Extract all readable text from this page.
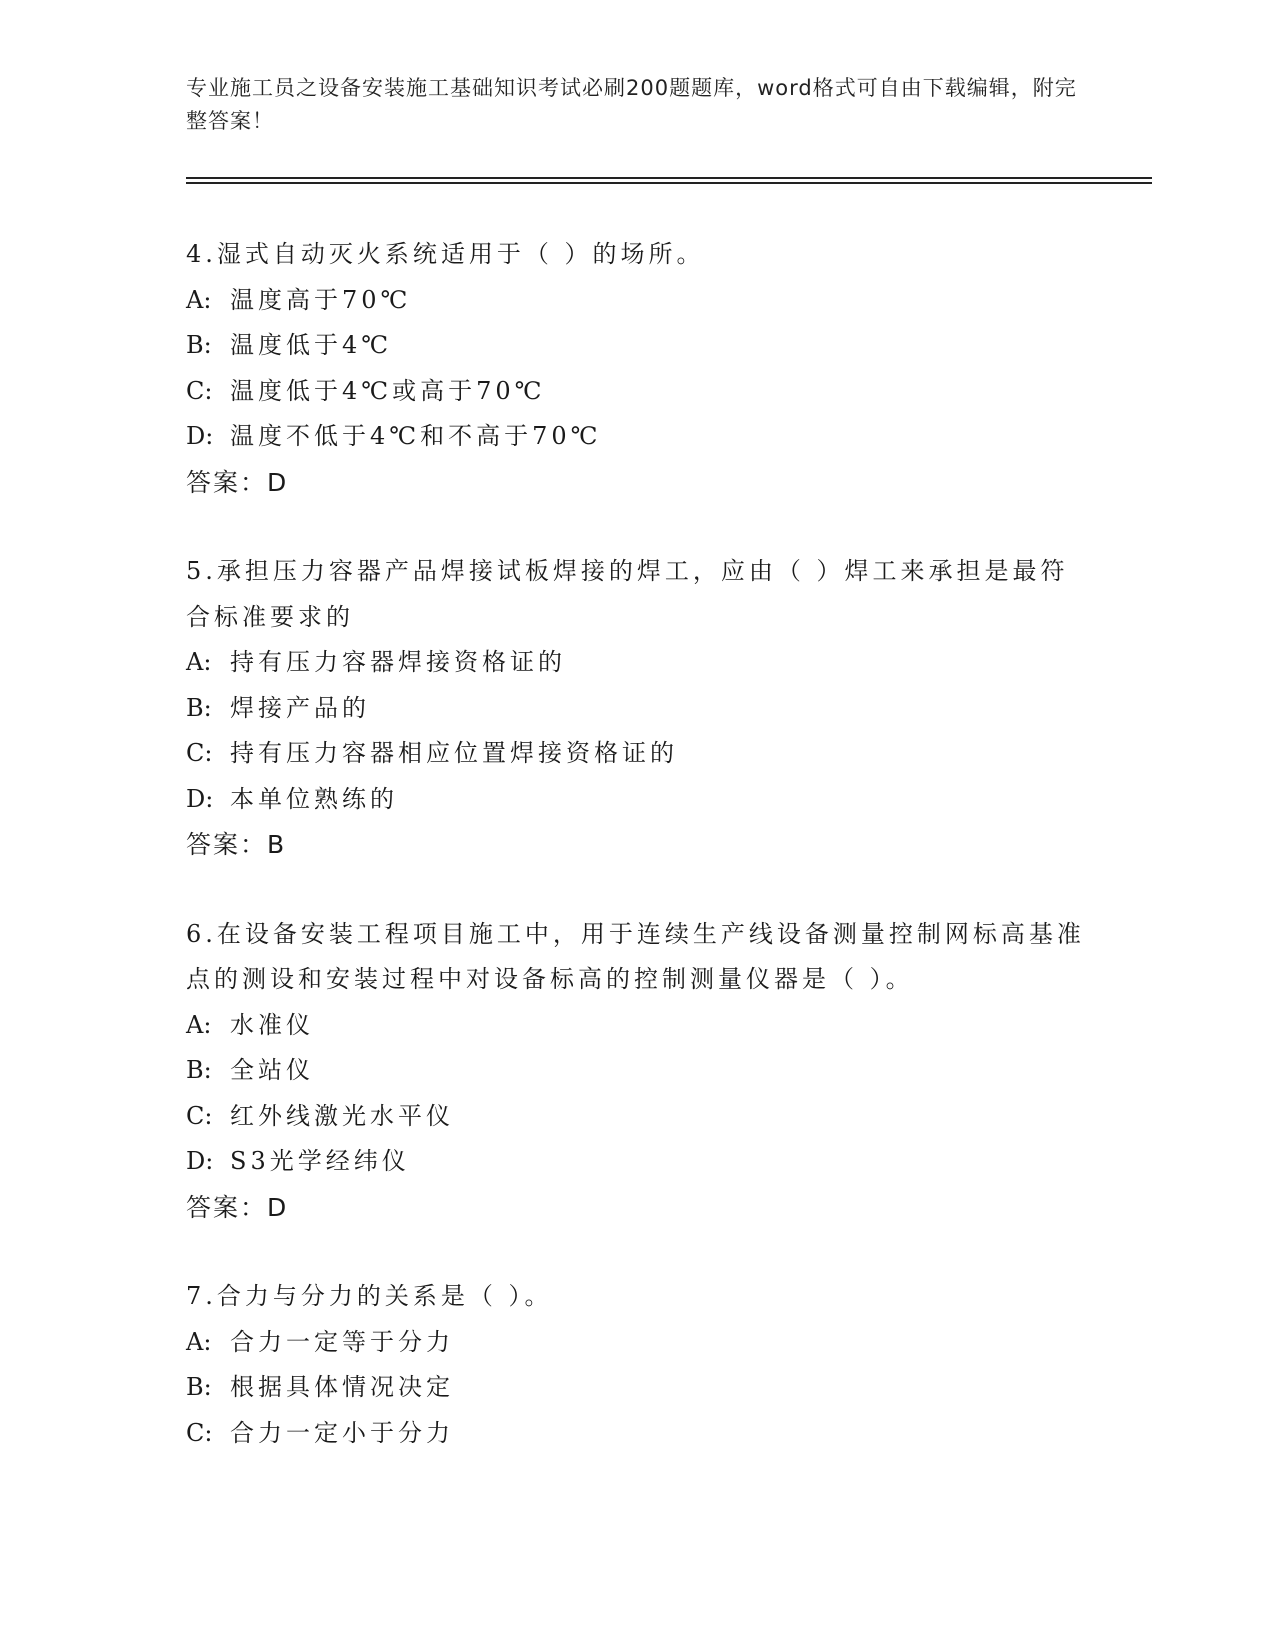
专业施工员之设备安装施工基础知识考试必刷200题题库，word格式可自由下载编辑，附完整答案！

4.湿式自动灭火系统适用于（ ）的场所。

A: 温度高于70℃
B: 温度低于4℃
C: 温度低于4℃或高于70℃
D: 温度不低于4℃和不高于70℃

答案：D

5.承担压力容器产品焊接试板焊接的焊工，应由（ ）焊工来承担是最符合标准要求的

A: 持有压力容器焊接资格证的
B: 焊接产品的
C: 持有压力容器相应位置焊接资格证的
D: 本单位熟练的

答案：B

6.在设备安装工程项目施工中，用于连续生产线设备测量控制网标高基准点的测设和安装过程中对设备标高的控制测量仪器是（ ）。

A: 水准仪
B: 全站仪
C: 红外线激光水平仪
D: S3光学经纬仪

答案：D

7.合力与分力的关系是（ ）。

A: 合力一定等于分力
B: 根据具体情况决定
C: 合力一定小于分力
